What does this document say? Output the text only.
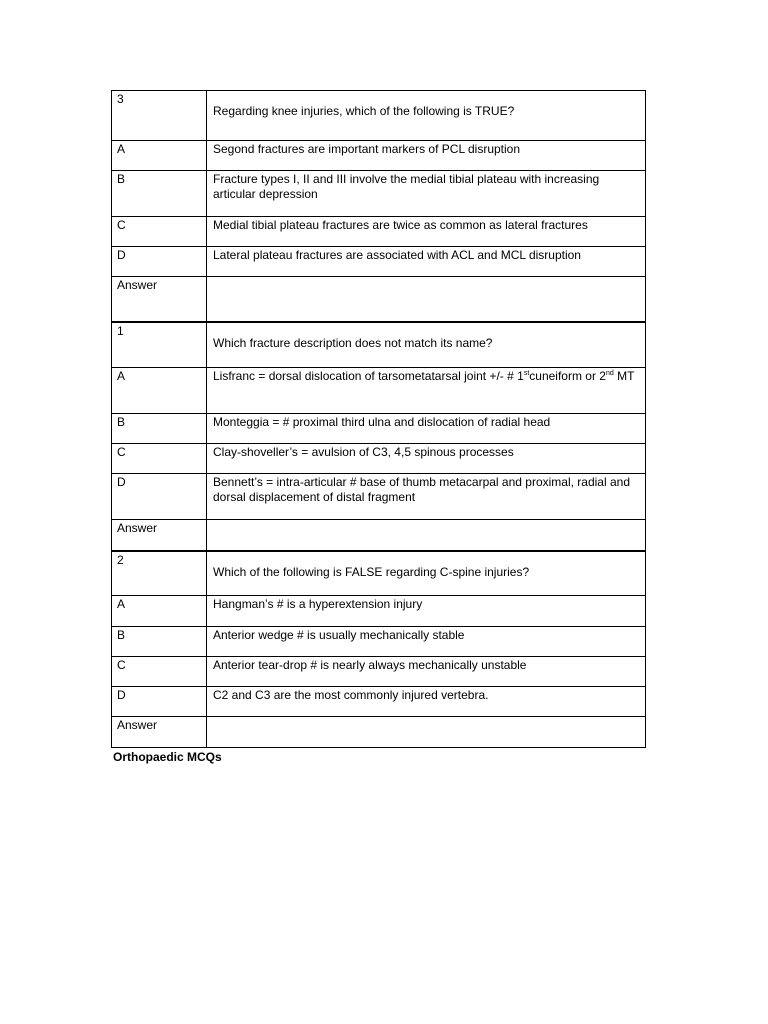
3	Regarding knee injuries, which of the following is TRUE?
A	Segond fractures are important markers of PCL disruption
B	Fracture types I, II and III involve the medial tibial plateau with increasing articular depression
C	Medial tibial plateau fractures are twice as common as lateral fractures
D	Lateral plateau fractures are associated with ACL and MCL disruption
Answer	
1	Which fracture description does not match its name?
A	Lisfranc = dorsal dislocation of tarsometatarsal joint +/- # 1stcuneiform or 2nd MT
B	Monteggia = # proximal third ulna and dislocation of radial head
C	Clay-shoveller’s = avulsion of C3, 4,5 spinous processes
D	Bennett’s = intra-articular # base of thumb metacarpal and proximal, radial and dorsal displacement of distal fragment
Answer	
2	Which of the following is FALSE regarding C-spine injuries?
A	Hangman’s # is a hyperextension injury
B	Anterior wedge # is usually mechanically stable
C	Anterior tear-drop # is nearly always mechanically unstable
D	C2 and C3 are the most commonly injured vertebra.
Answer	
Orthopaedic MCQs
